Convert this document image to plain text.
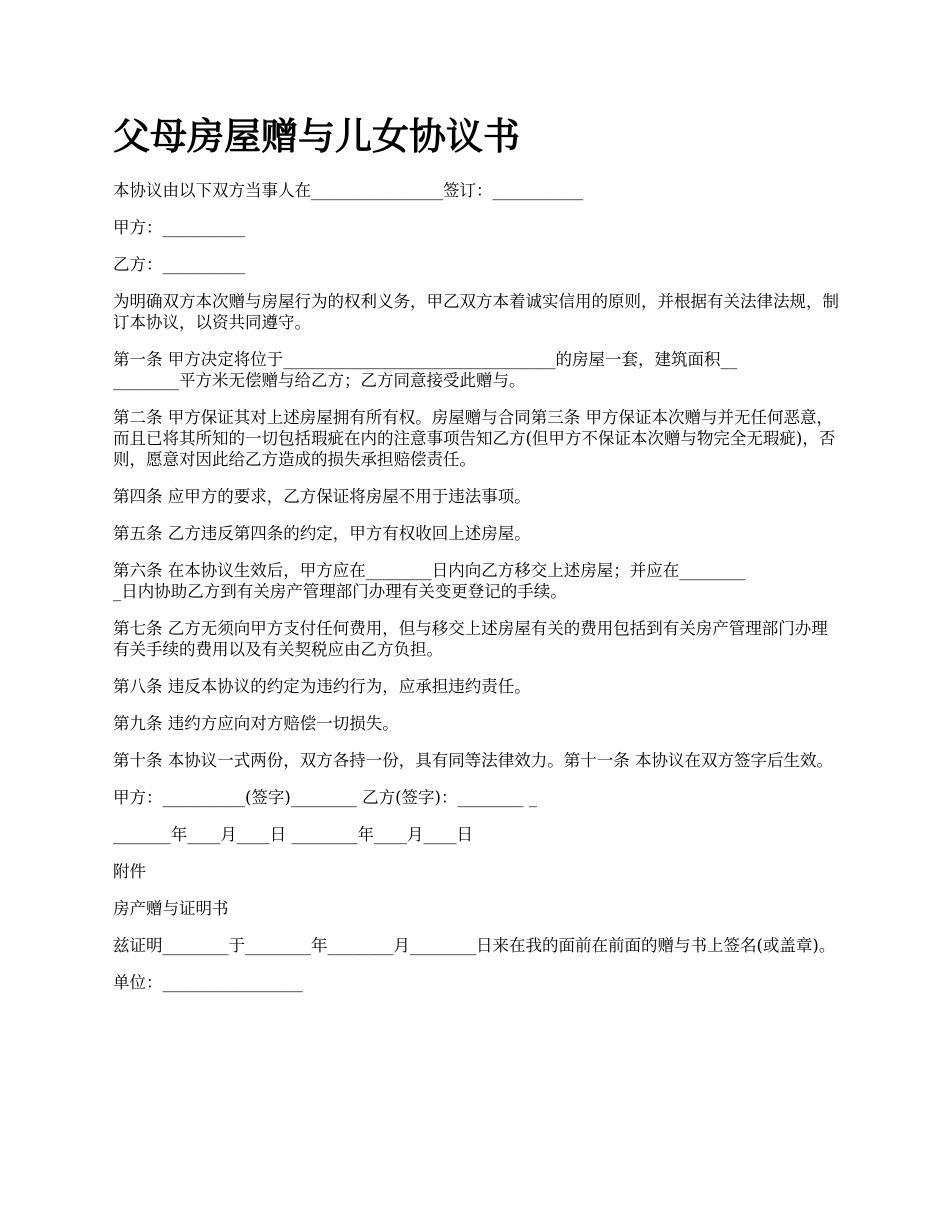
父母房屋赠与儿女协议书

本协议由以下双方当事人在________________签订：___________

甲方：__________

乙方：__________

为明确双方本次赠与房屋行为的权利义务，甲乙双方本着诚实信用的原则，并根据有关法律法规，制订本协议，以资共同遵守。

第一条 甲方决定将位于_________________________________的房屋一套，建筑面积__
________平方米无偿赠与给乙方；乙方同意接受此赠与。

第二条 甲方保证其对上述房屋拥有所有权。房屋赠与合同第三条 甲方保证本次赠与并无任何恶意，而且已将其所知的一切包括瑕疵在内的注意事项告知乙方(但甲方不保证本次赠与物完全无瑕疵)，否则，愿意对因此给乙方造成的损失承担赔偿责任。

第四条 应甲方的要求，乙方保证将房屋不用于违法事项。

第五条 乙方违反第四条的约定，甲方有权收回上述房屋。

第六条 在本协议生效后，甲方应在________日内向乙方移交上述房屋；并应在________
_日内协助乙方到有关房产管理部门办理有关变更登记的手续。

第七条 乙方无须向甲方支付任何费用，但与移交上述房屋有关的费用包括到有关房产管理部门办理有关手续的费用以及有关契税应由乙方负担。

第八条 违反本协议的约定为违约行为，应承担违约责任。

第九条 违约方应向对方赔偿一切损失。

第十条 本协议一式两份，双方各持一份，具有同等法律效力。第十一条 本协议在双方签字后生效。

甲方：__________(签字)________ 乙方(签字)：________ _

_______年____月____日 ________年____月____日

附件

房产赠与证明书

兹证明________于________年________月________日来在我的面前在前面的赠与书上签名(或盖章)。

单位：_________________
